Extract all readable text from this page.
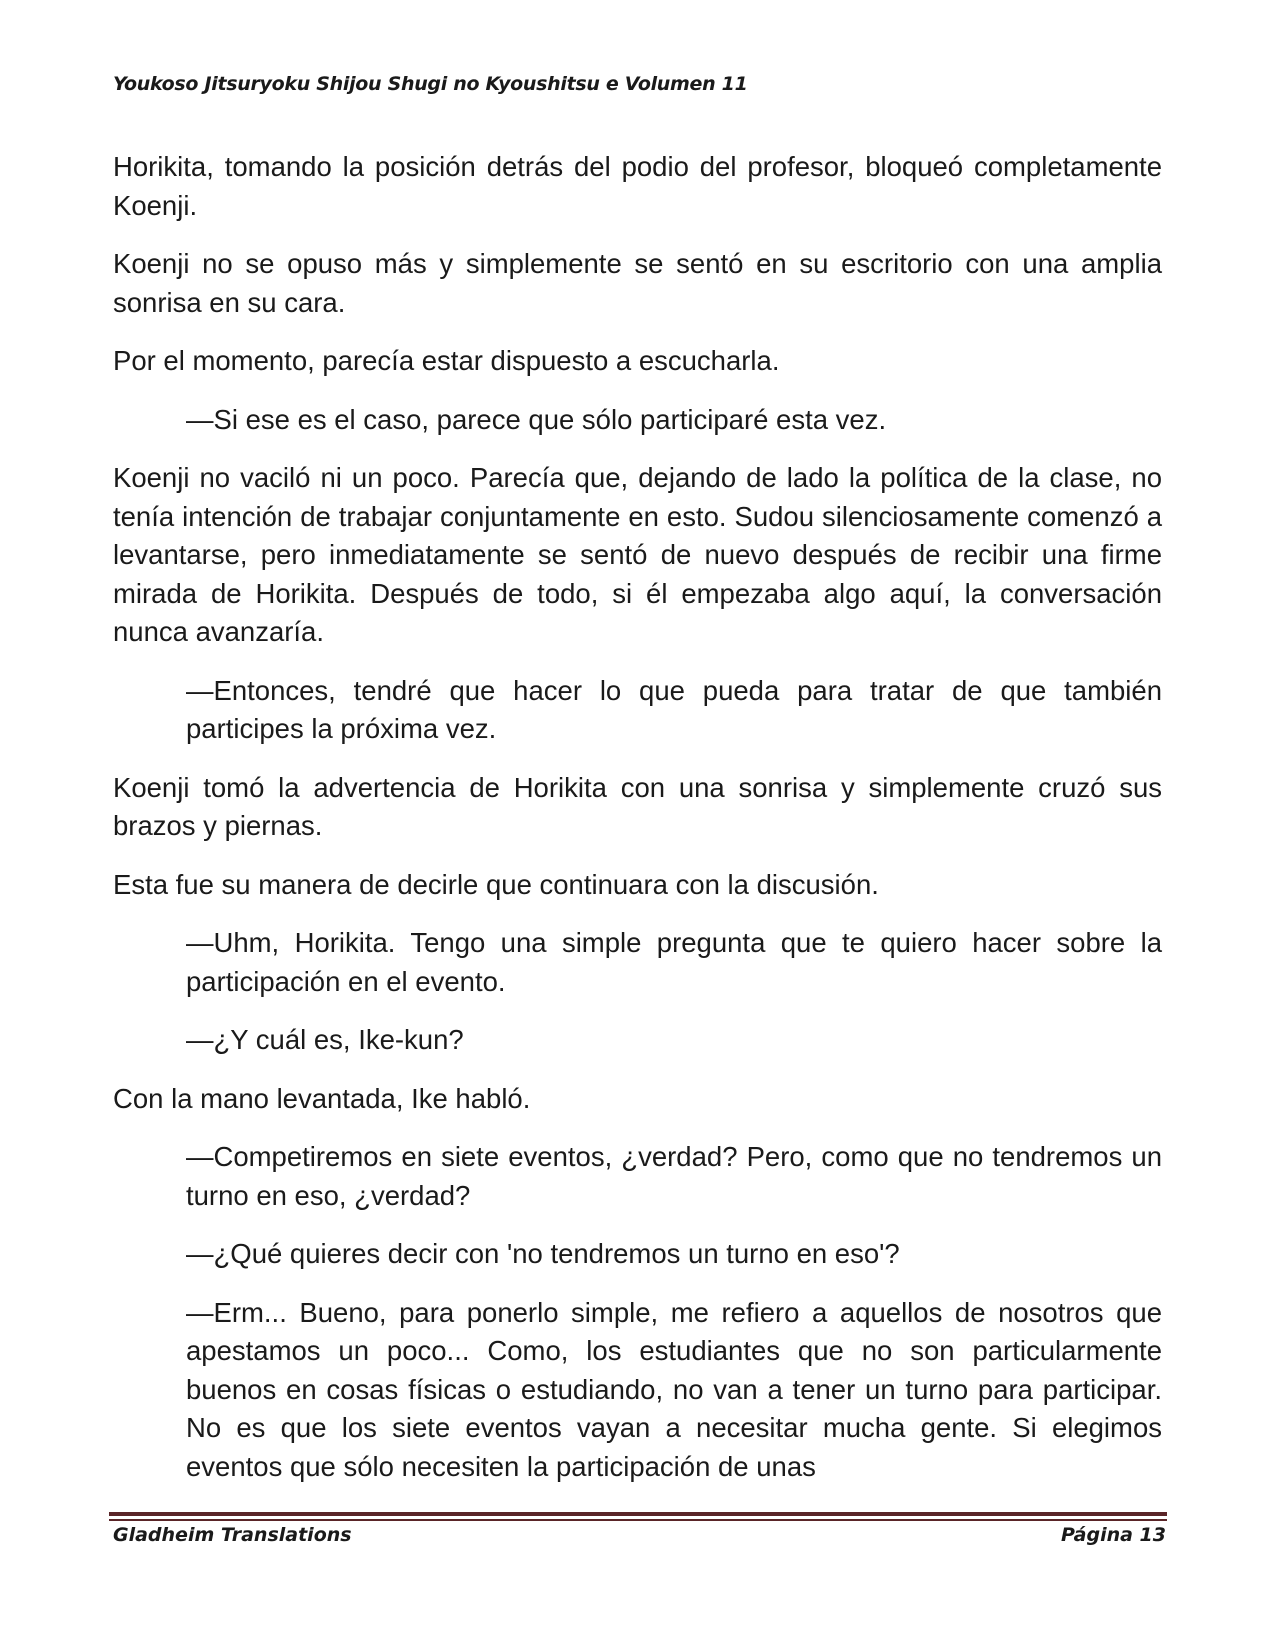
Youkoso Jitsuryoku Shijou Shugi no Kyoushitsu e Volumen 11

Horikita, tomando la posición detrás del podio del profesor, bloqueó completamente Koenji.

Koenji no se opuso más y simplemente se sentó en su escritorio con una amplia sonrisa en su cara.

Por el momento, parecía estar dispuesto a escucharla.

—Si ese es el caso, parece que sólo participaré esta vez.

Koenji no vaciló ni un poco. Parecía que, dejando de lado la política de la clase, no tenía intención de trabajar conjuntamente en esto. Sudou silenciosamente comenzó a levantarse, pero inmediatamente se sentó de nuevo después de recibir una firme mirada de Horikita. Después de todo, si él empezaba algo aquí, la conversación nunca avanzaría.

—Entonces, tendré que hacer lo que pueda para tratar de que también participes la próxima vez.

Koenji tomó la advertencia de Horikita con una sonrisa y simplemente cruzó sus brazos y piernas.

Esta fue su manera de decirle que continuara con la discusión.

—Uhm, Horikita. Tengo una simple pregunta que te quiero hacer sobre la participación en el evento.

—¿Y cuál es, Ike-kun?

Con la mano levantada, Ike habló.

—Competiremos en siete eventos, ¿verdad? Pero, como que no tendremos un turno en eso, ¿verdad?

—¿Qué quieres decir con 'no tendremos un turno en eso'?

—Erm... Bueno, para ponerlo simple, me refiero a aquellos de nosotros que apestamos un poco... Como, los estudiantes que no son particularmente buenos en cosas físicas o estudiando, no van a tener un turno para participar. No es que los siete eventos vayan a necesitar mucha gente. Si elegimos eventos que sólo necesiten la participación de unas

Gladheim Translations	Página 13
